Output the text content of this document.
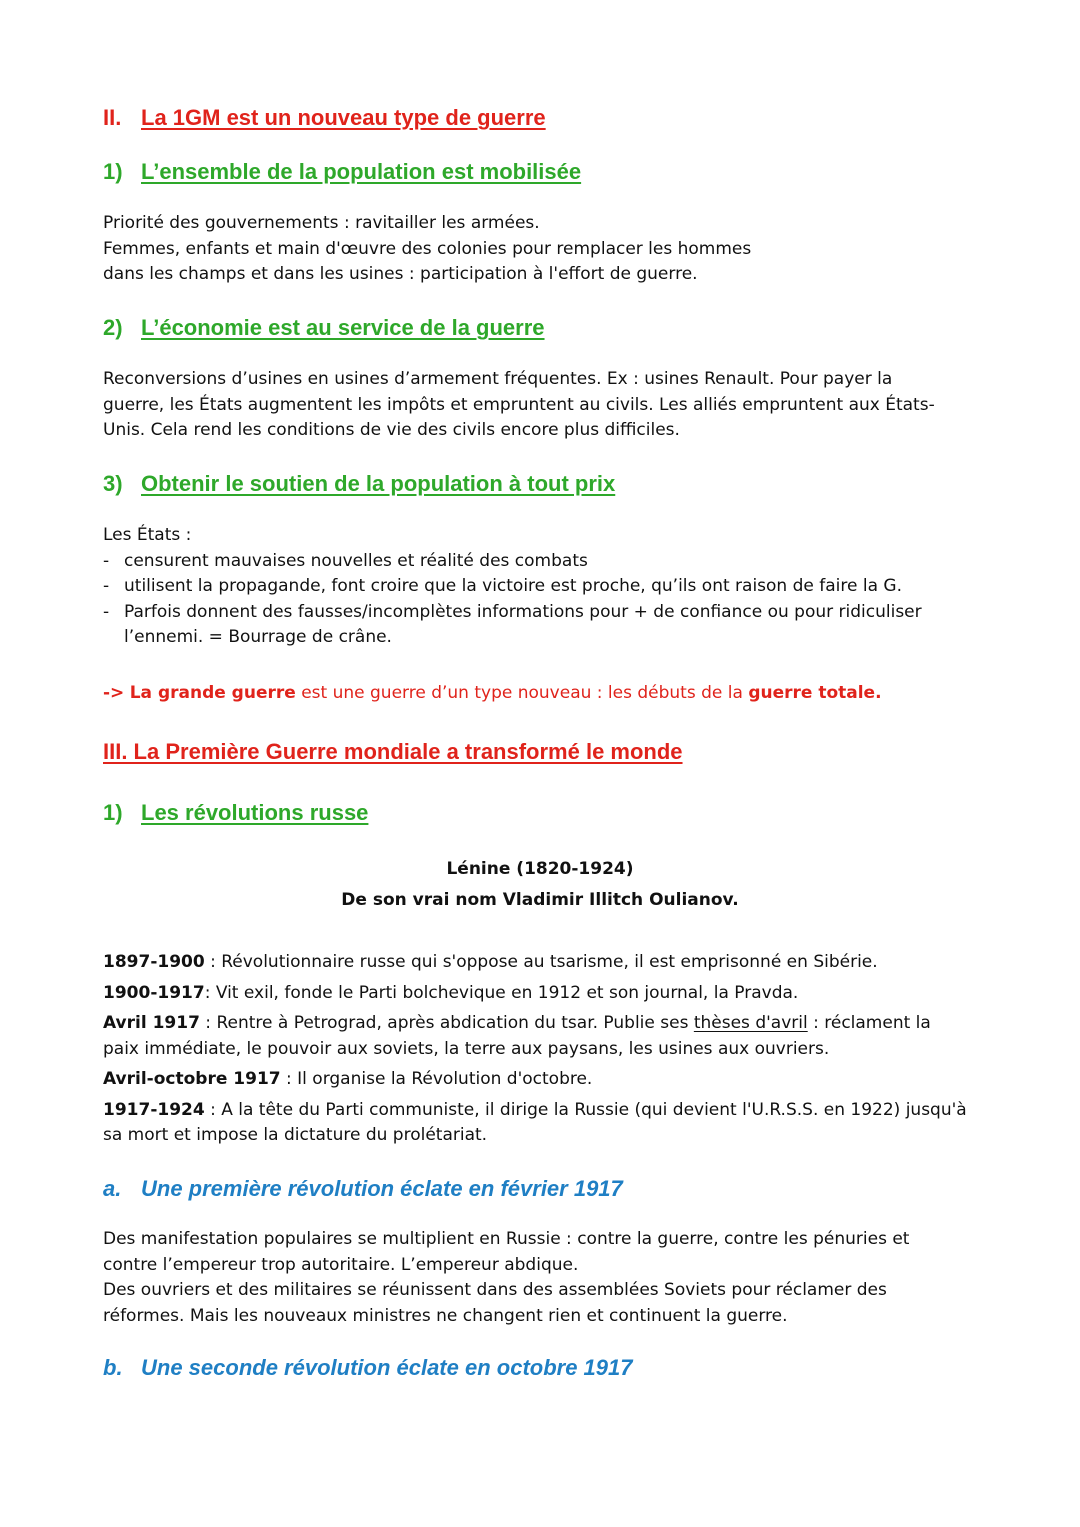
II. La 1GM est un nouveau type de guerre
1) L’ensemble de la population est mobilisée
Priorité des gouvernements : ravitailler les armées.
Femmes, enfants et main d'œuvre des colonies pour remplacer les hommes
dans les champs et dans les usines : participation à l'effort de guerre.
2) L’économie est au service de la guerre
Reconversions d’usines en usines d’armement fréquentes. Ex : usines Renault. Pour payer la guerre, les États augmentent les impôts et empruntent au civils. Les alliés empruntent aux États-Unis. Cela rend les conditions de vie des civils encore plus difficiles.
3) Obtenir le soutien de la population à tout prix
Les États :
- censurent mauvaises nouvelles et réalité des combats
- utilisent la propagande, font croire que la victoire est proche, qu’ils ont raison de faire la G.
- Parfois donnent des fausses/incomplètes informations pour + de confiance ou pour ridiculiser l’ennemi. = Bourrage de crâne.
-> La grande guerre est une guerre d’un type nouveau : les débuts de la guerre totale.
III. La Première Guerre mondiale a transformé le monde
1) Les révolutions russe
Lénine (1820-1924)
De son vrai nom Vladimir Illitch Oulianov.
1897-1900 : Révolutionnaire russe qui s'oppose au tsarisme, il est emprisonné en Sibérie.
1900-1917: Vit exil, fonde le Parti bolchevique en 1912 et son journal, la Pravda.
Avril 1917 : Rentre à Petrograd, après abdication du tsar. Publie ses thèses d'avril : réclament la paix immédiate, le pouvoir aux soviets, la terre aux paysans, les usines aux ouvriers.
Avril-octobre 1917 : Il organise la Révolution d'octobre.
1917-1924 : A la tête du Parti communiste, il dirige la Russie (qui devient l'U.R.S.S. en 1922) jusqu'à sa mort et impose la dictature du prolétariat.
a. Une première révolution éclate en février 1917
Des manifestation populaires se multiplient en Russie : contre la guerre, contre les pénuries et contre l’empereur trop autoritaire. L’empereur abdique.
Des ouvriers et des militaires se réunissent dans des assemblées Soviets pour réclamer des réformes. Mais les nouveaux ministres ne changent rien et continuent la guerre.
b. Une seconde révolution éclate en octobre 1917
